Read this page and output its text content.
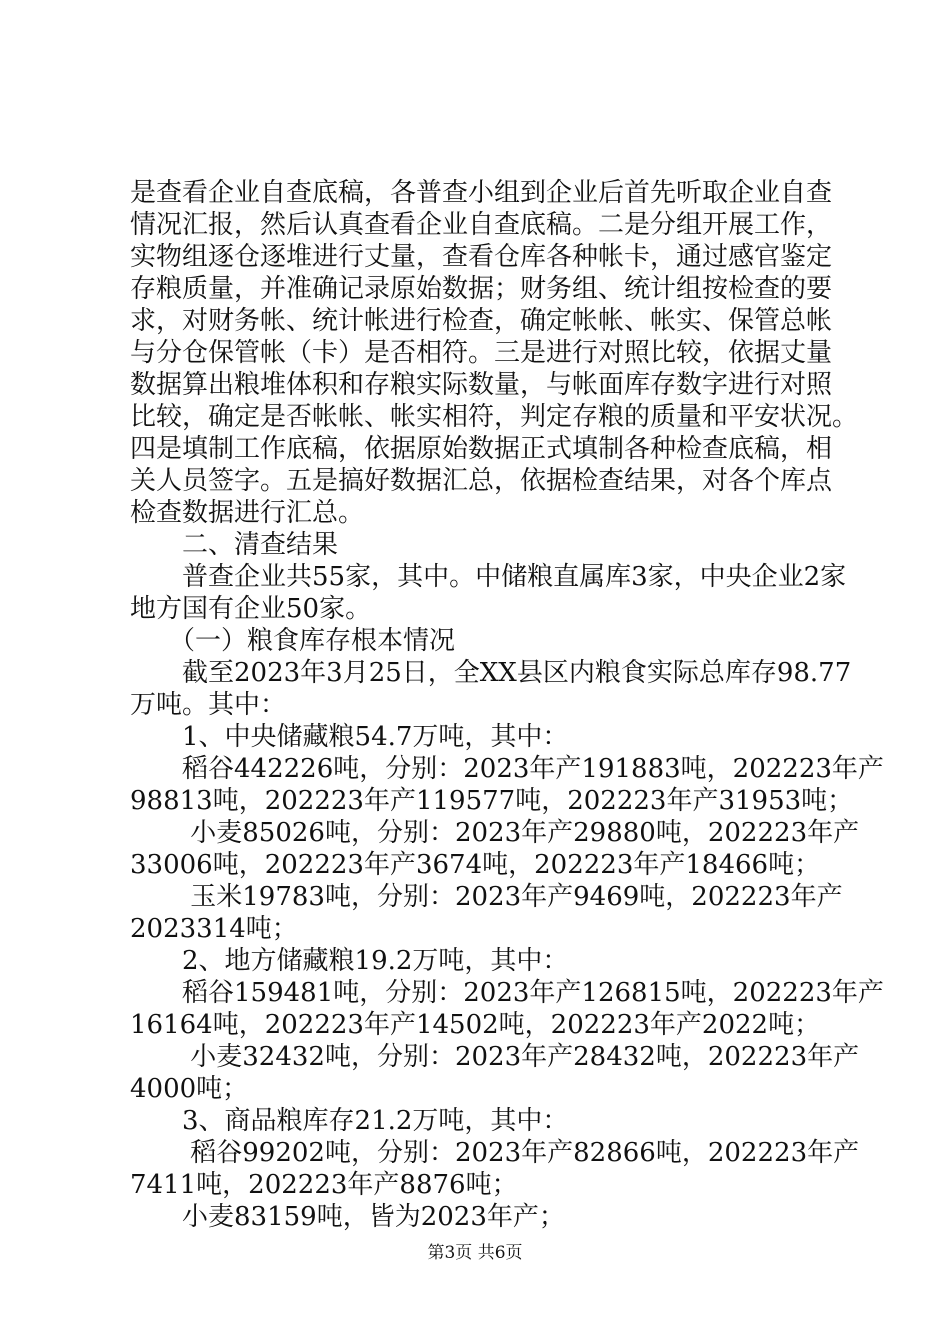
是查看企业自查底稿，各普查小组到企业后首先听取企业自查
情况汇报，然后认真查看企业自查底稿。二是分组开展工作，
实物组逐仓逐堆进行丈量，查看仓库各种帐卡，通过感官鉴定
存粮质量，并准确记录原始数据；财务组、统计组按检查的要
求，对财务帐、统计帐进行检查，确定帐帐、帐实、保管总帐
与分仓保管帐（卡）是否相符。三是进行对照比较，依据丈量
数据算出粮堆体积和存粮实际数量，与帐面库存数字进行对照
比较，确定是否帐帐、帐实相符，判定存粮的质量和平安状况。
四是填制工作底稿，依据原始数据正式填制各种检查底稿，相
关人员签字。五是搞好数据汇总，依据检查结果，对各个库点
检查数据进行汇总。
　　二、清查结果
　　普查企业共55家，其中。中储粮直属库3家，中央企业2家
地方国有企业50家。
　　（一）粮食库存根本情况
　　截至2023年3月25日，全XX县区内粮食实际总库存98.77
万吨。其中：
　　1、中央储藏粮54.7万吨，其中：
　　稻谷442226吨，分别：2023年产191883吨，202223年产
98813吨，202223年产119577吨，202223年产31953吨；
　　 小麦85026吨，分别：2023年产29880吨，202223年产
33006吨，202223年产3674吨，202223年产18466吨；
　　 玉米19783吨，分别：2023年产9469吨，202223年产
2023314吨；
　　2、地方储藏粮19.2万吨，其中：
　　稻谷159481吨，分别：2023年产126815吨，202223年产
16164吨，202223年产14502吨，202223年产2022吨；
　　 小麦32432吨，分别：2023年产28432吨，202223年产
4000吨；
　　3、商品粮库存21.2万吨，其中：
　　 稻谷99202吨，分别：2023年产82866吨，202223年产
7411吨，202223年产8876吨；
　　小麦83159吨，皆为2023年产；
第3页 共6页
